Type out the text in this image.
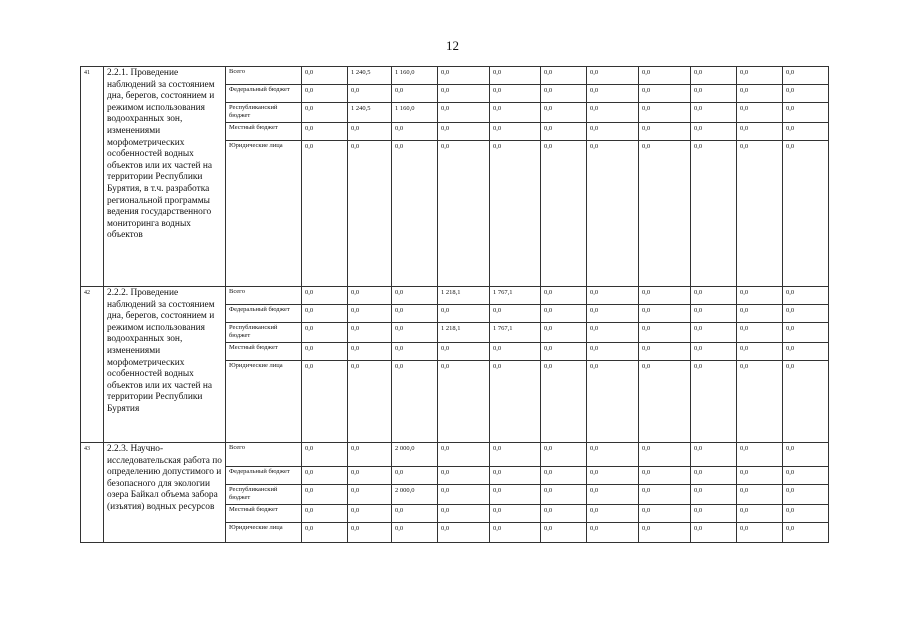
12
41	2.2.1. Проведение наблюдений за состоянием дна, берегов, состоянием и режимом использования водоохранных зон, изменениями морфометрических особенностей водных объектов или их частей на территории Республики Бурятия, в т.ч. разработка региональной программы ведения государственного мониторинга водных объектов	Всего	0,0	1 240,5	1 160,0	0,0	0,0	0,0	0,0	0,0	0,0	0,0	0,0
		Федеральный бюджет	0,0	0,0	0,0	0,0	0,0	0,0	0,0	0,0	0,0	0,0	0,0
		Республиканский бюджет	0,0	1 240,5	1 160,0	0,0	0,0	0,0	0,0	0,0	0,0	0,0	0,0
		Местный бюджет	0,0	0,0	0,0	0,0	0,0	0,0	0,0	0,0	0,0	0,0	0,0
		Юридические лица	0,0	0,0	0,0	0,0	0,0	0,0	0,0	0,0	0,0	0,0	0,0
42	2.2.2. Проведение наблюдений за состоянием дна, берегов, состоянием и режимом использования водоохранных зон, изменениями морфометрических особенностей водных объектов или их частей на территории Республики Бурятия	Всего	0,0	0,0	0,0	1 218,1	1 767,1	0,0	0,0	0,0	0,0	0,0	0,0
		Федеральный бюджет	0,0	0,0	0,0	0,0	0,0	0,0	0,0	0,0	0,0	0,0	0,0
		Республиканский бюджет	0,0	0,0	0,0	1 218,1	1 767,1	0,0	0,0	0,0	0,0	0,0	0,0
		Местный бюджет	0,0	0,0	0,0	0,0	0,0	0,0	0,0	0,0	0,0	0,0	0,0
		Юридические лица	0,0	0,0	0,0	0,0	0,0	0,0	0,0	0,0	0,0	0,0	0,0
43	2.2.3. Научно-исследовательская работа по определению допустимого и безопасного для экологии озера Байкал объема забора (изъятия) водных ресурсов	Всего	0,0	0,0	2 000,0	0,0	0,0	0,0	0,0	0,0	0,0	0,0	0,0
		Федеральный бюджет	0,0	0,0	0,0	0,0	0,0	0,0	0,0	0,0	0,0	0,0	0,0
		Республиканский бюджет	0,0	0,0	2 000,0	0,0	0,0	0,0	0,0	0,0	0,0	0,0	0,0
		Местный бюджет	0,0	0,0	0,0	0,0	0,0	0,0	0,0	0,0	0,0	0,0	0,0
		Юридические лица	0,0	0,0	0,0	0,0	0,0	0,0	0,0	0,0	0,0	0,0	0,0
